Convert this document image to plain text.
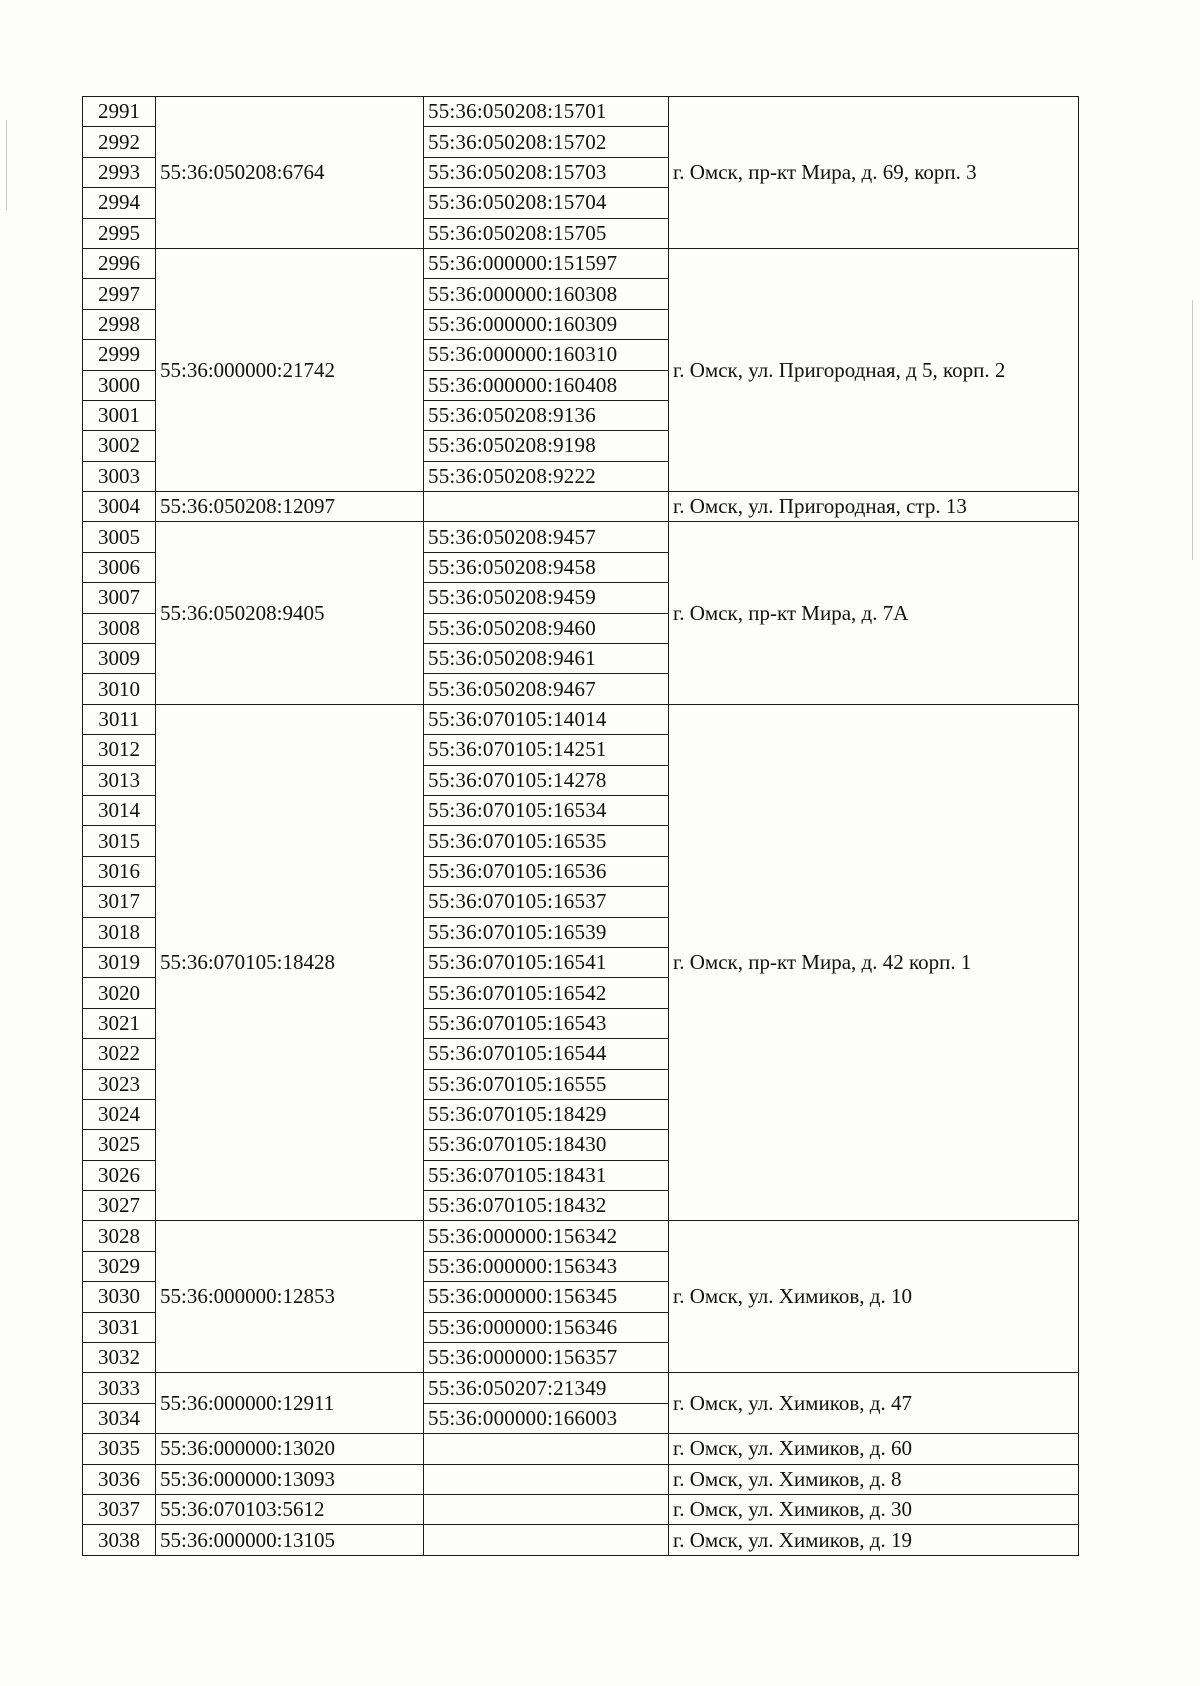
2991	55:36:050208:6764	55:36:050208:15701	г. Омск, пр-кт Мира, д. 69, корп. 3
2992		55:36:050208:15702	
2993		55:36:050208:15703	
2994		55:36:050208:15704	
2995		55:36:050208:15705	
2996	55:36:000000:21742	55:36:000000:151597	г. Омск, ул. Пригородная, д 5, корп. 2
2997		55:36:000000:160308	
2998		55:36:000000:160309	
2999		55:36:000000:160310	
3000		55:36:000000:160408	
3001		55:36:050208:9136	
3002		55:36:050208:9198	
3003		55:36:050208:9222	
3004	55:36:050208:12097		г. Омск, ул. Пригородная, стр. 13
3005	55:36:050208:9405	55:36:050208:9457	г. Омск, пр-кт Мира, д. 7А
3006		55:36:050208:9458	
3007		55:36:050208:9459	
3008		55:36:050208:9460	
3009		55:36:050208:9461	
3010		55:36:050208:9467	
3011	55:36:070105:18428	55:36:070105:14014	г. Омск, пр-кт Мира, д. 42 корп. 1
3012		55:36:070105:14251	
3013		55:36:070105:14278	
3014		55:36:070105:16534	
3015		55:36:070105:16535	
3016		55:36:070105:16536	
3017		55:36:070105:16537	
3018		55:36:070105:16539	
3019		55:36:070105:16541	
3020		55:36:070105:16542	
3021		55:36:070105:16543	
3022		55:36:070105:16544	
3023		55:36:070105:16555	
3024		55:36:070105:18429	
3025		55:36:070105:18430	
3026		55:36:070105:18431	
3027		55:36:070105:18432	
3028	55:36:000000:12853	55:36:000000:156342	г. Омск, ул. Химиков, д. 10
3029		55:36:000000:156343	
3030		55:36:000000:156345	
3031		55:36:000000:156346	
3032		55:36:000000:156357	
3033	55:36:000000:12911	55:36:050207:21349	г. Омск, ул. Химиков, д. 47
3034		55:36:000000:166003	
3035	55:36:000000:13020		г. Омск, ул. Химиков, д. 60
3036	55:36:000000:13093		г. Омск, ул. Химиков, д. 8
3037	55:36:070103:5612		г. Омск, ул. Химиков, д. 30
3038	55:36:000000:13105		г. Омск, ул. Химиков, д. 19
